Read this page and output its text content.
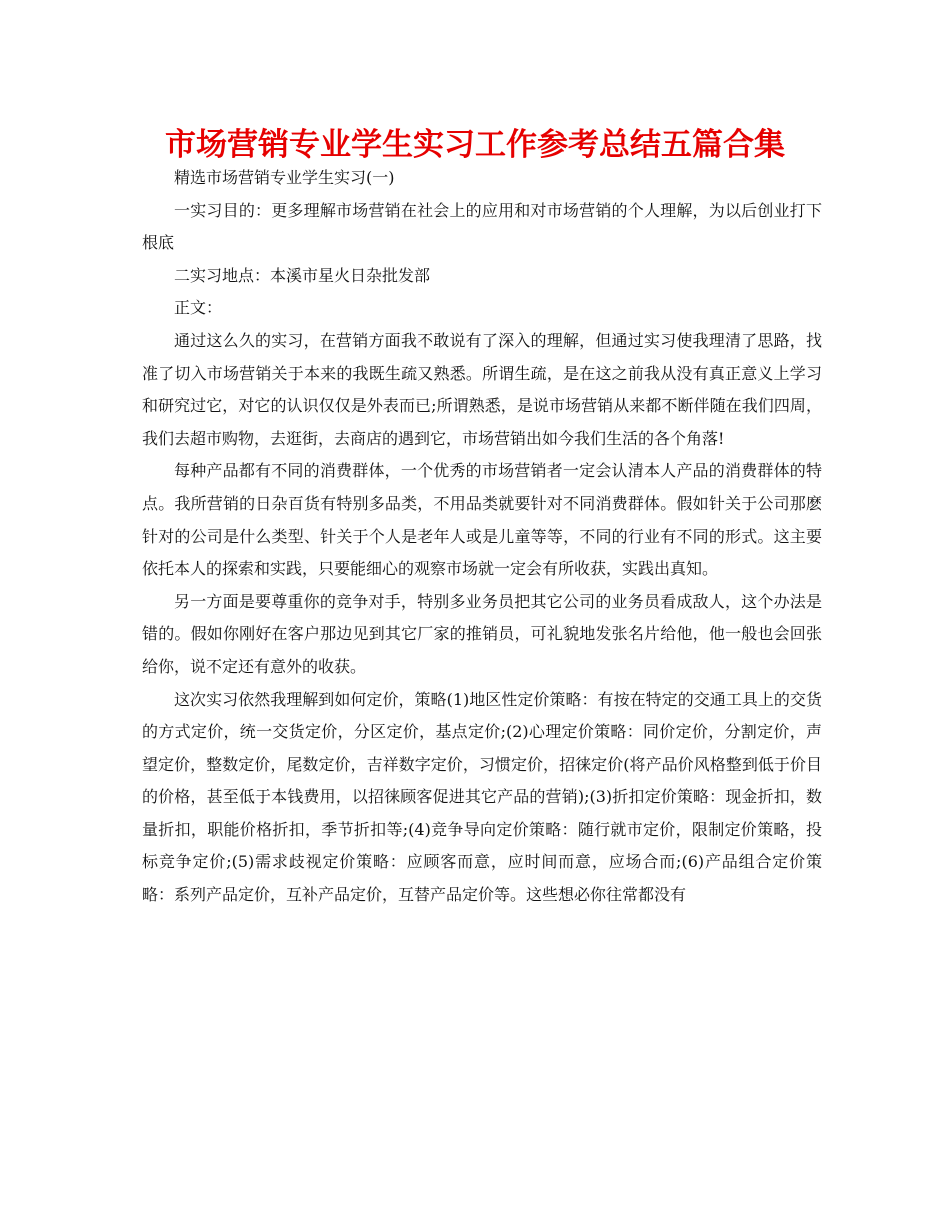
市场营销专业学生实习工作参考总结五篇合集

精选市场营销专业学生实习(一)

一实习目的：更多理解市场营销在社会上的应用和对市场营销的个人理解，为以后创业打下根底

二实习地点：本溪市星火日杂批发部

正文：

通过这么久的实习，在营销方面我不敢说有了深入的理解，但通过实习使我理清了思路，找准了切入市场营销关于本来的我既生疏又熟悉。所谓生疏，是在这之前我从没有真正意义上学习和研究过它，对它的认识仅仅是外表而已;所谓熟悉，是说市场营销从来都不断伴随在我们四周，我们去超市购物，去逛街，去商店的遇到它，市场营销出如今我们生活的各个角落!

每种产品都有不同的消费群体，一个优秀的市场营销者一定会认清本人产品的消费群体的特点。我所营销的日杂百货有特别多品类，不用品类就要针对不同消费群体。假如针关于公司那麽针对的公司是什么类型、针关于个人是老年人或是儿童等等，不同的行业有不同的形式。这主要依托本人的探索和实践，只要能细心的观察市场就一定会有所收获，实践出真知。

另一方面是要尊重你的竞争对手，特别多业务员把其它公司的业务员看成敌人，这个办法是错的。假如你刚好在客户那边见到其它厂家的推销员，可礼貌地发张名片给他，他一般也会回张给你，说不定还有意外的收获。

这次实习依然我理解到如何定价，策略(1)地区性定价策略：有按在特定的交通工具上的交货的方式定价，统一交货定价，分区定价，基点定价;(2)心理定价策略：同价定价，分割定价，声望定价，整数定价，尾数定价，吉祥数字定价，习惯定价，招徕定价(将产品价风格整到低于价目的价格，甚至低于本钱费用，以招徕顾客促进其它产品的营销);(3)折扣定价策略：现金折扣，数量折扣，职能价格折扣，季节折扣等;(4)竞争导向定价策略：随行就市定价，限制定价策略，投标竞争定价;(5)需求歧视定价策略：应顾客而意，应时间而意，应场合而;(6)产品组合定价策略：系列产品定价，互补产品定价，互替产品定价等。这些想必你往常都没有
